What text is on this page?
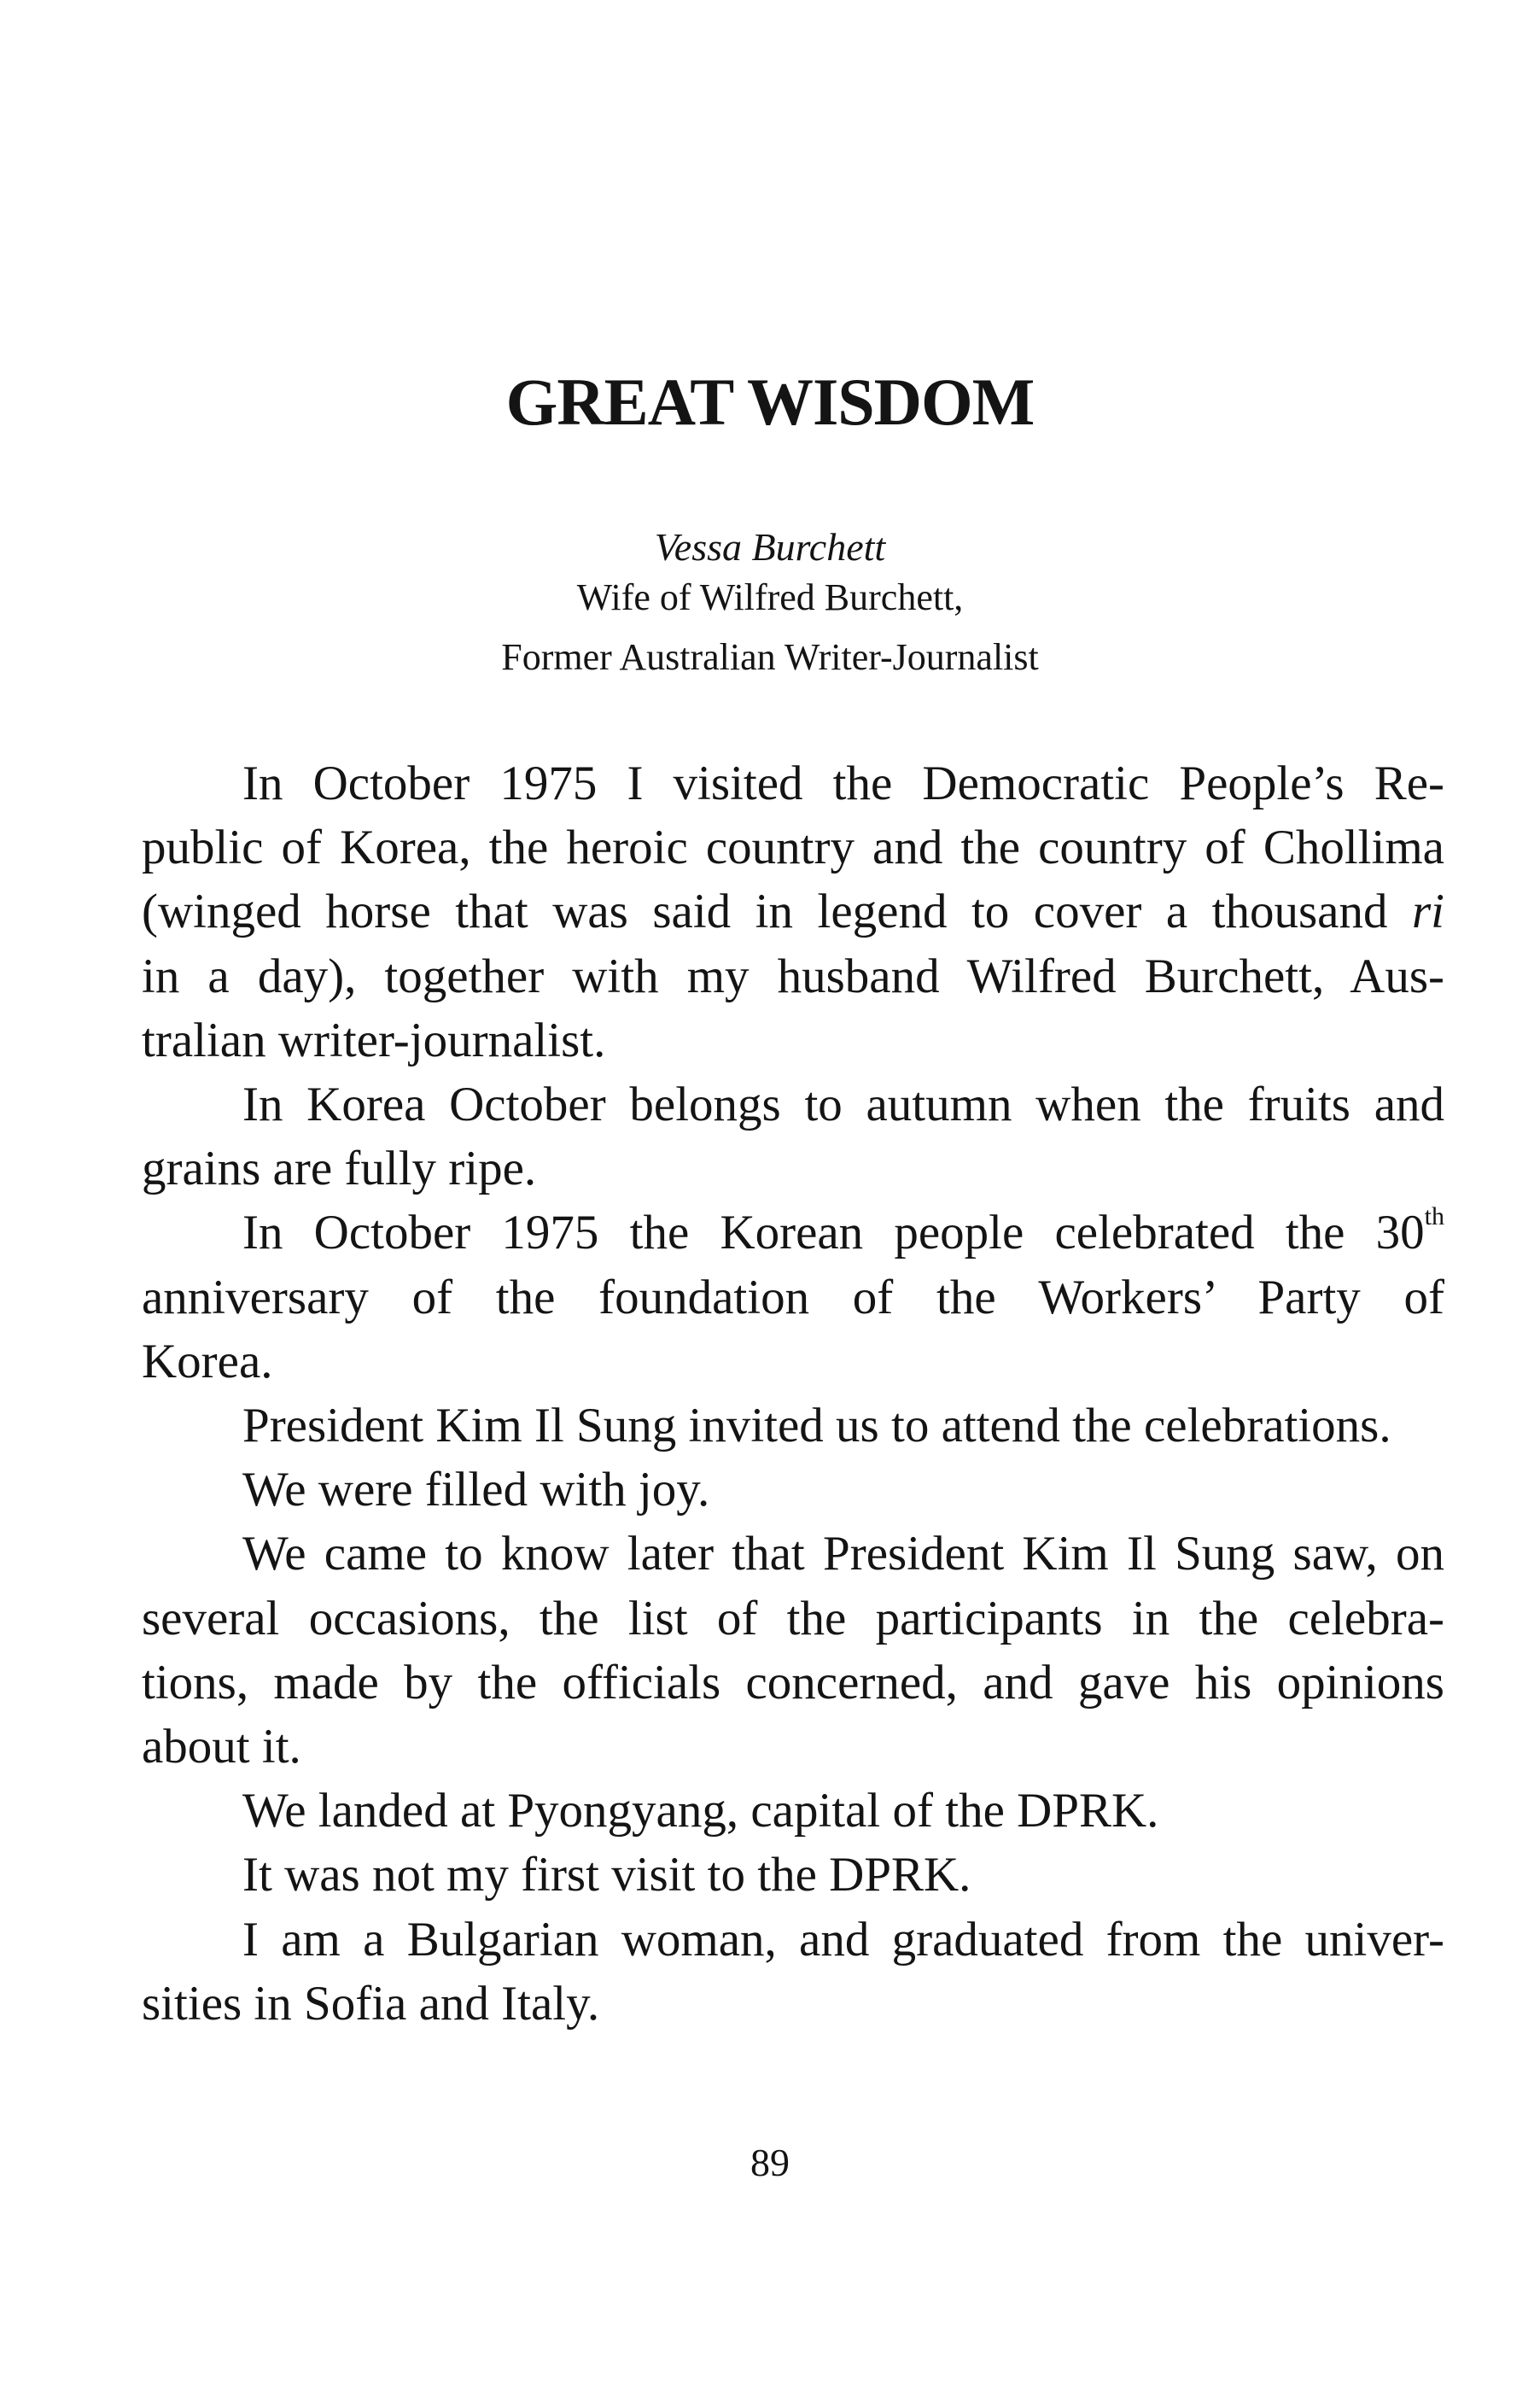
GREAT WISDOM
Vessa Burchett
Wife of Wilfred Burchett,
Former Australian Writer-Journalist

In October 1975 I visited the Democratic People’s Re-
public of Korea, the heroic country and the country of Chollima
(winged horse that was said in legend to cover a thousand ri
in a day), together with my husband Wilfred Burchett, Aus-
tralian writer-journalist.

In Korea October belongs to autumn when the fruits and
grains are fully ripe.

In October 1975 the Korean people celebrated the 30th
anniversary of the foundation of the Workers’ Party of
Korea.

President Kim Il Sung invited us to attend the celebrations.

We were filled with joy.

We came to know later that President Kim Il Sung saw, on
several occasions, the list of the participants in the celebra-
tions, made by the officials concerned, and gave his opinions
about it.

We landed at Pyongyang, capital of the DPRK.

It was not my first visit to the DPRK.

I am a Bulgarian woman, and graduated from the univer-
sities in Sofia and Italy.

89
